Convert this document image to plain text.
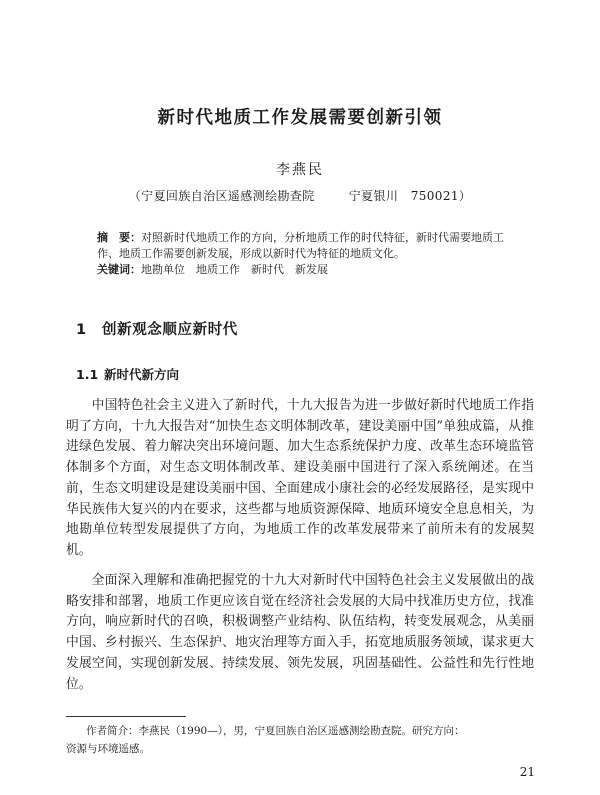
新时代地质工作发展需要创新引领
李燕民
（宁夏回族自治区遥感测绘勘查院	宁夏银川　750021）
摘　要：对照新时代地质工作的方向，分析地质工作的时代特征，新时代需要地质工作、地质工作需要创新发展，形成以新时代为特征的地质文化。
关键词：地勘单位　地质工作　新时代　新发展
1 创新观念顺应新时代
1.1 新时代新方向
中国特色社会主义进入了新时代，十九大报告为进一步做好新时代地质工作指明了方向，十九大报告对“加快生态文明体制改革，建设美丽中国”单独成篇，从推进绿色发展、着力解决突出环境问题、加大生态系统保护力度、改革生态环境监管体制多个方面，对生态文明体制改革、建设美丽中国进行了深入系统阐述。在当前，生态文明建设是建设美丽中国、全面建成小康社会的必经发展路径，是实现中华民族伟大复兴的内在要求，这些都与地质资源保障、地质环境安全息息相关，为地勘单位转型发展提供了方向，为地质工作的改革发展带来了前所未有的发展契机。
全面深入理解和准确把握党的十九大对新时代中国特色社会主义发展做出的战略安排和部署，地质工作更应该自觉在经济社会发展的大局中找准历史方位，找准方向，响应新时代的召唤，积极调整产业结构、队伍结构，转变发展观念，从美丽中国、乡村振兴、生态保护、地灾治理等方面入手，拓宽地质服务领域，谋求更大发展空间，实现创新发展、持续发展、领先发展，巩固基础性、公益性和先行性地位。
作者简介：李燕民（1990—），男，宁夏回族自治区遥感测绘勘查院。研究方向：
资源与环境遥感。
21
